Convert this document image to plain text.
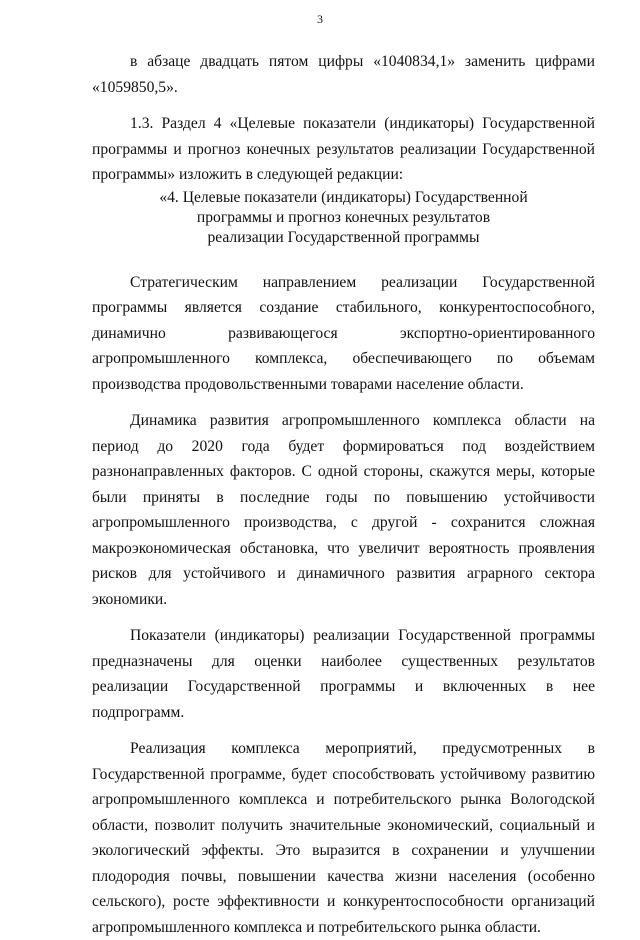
3

в абзаце двадцать пятом цифры «1040834,1» заменить цифрами

«1059850,5».

1.3. Раздел 4 «Целевые показатели (индикаторы) Государственной программы и прогноз конечных результатов реализации Государственной программы» изложить в следующей редакции:

«4. Целевые показатели (индикаторы) Государственной
программы и прогноз конечных результатов
реализации Государственной программы

Стратегическим направлением реализации Государственной

программы является создание стабильного, конкурентоспособного,

динамично развивающегося экспортно-ориентированного

агропромышленного комплекса, обеспечивающего по объемам производства продовольственными товарами население области.

Динамика развития агропромышленного комплекса области на период до 2020 года будет формироваться под воздействием разнонаправленных факторов. С одной стороны, скажутся меры, которые были приняты в последние годы по повышению устойчивости агропромышленного производства, с другой - сохранится сложная макроэкономическая обстановка, что увеличит вероятность проявления рисков для устойчивого и динамичного развития аграрного сектора экономики.

Показатели (индикаторы) реализации Государственной программы предназначены для оценки наиболее существенных результатов реализации Государственной программы и включенных в нее подпрограмм.

Реализация комплекса мероприятий, предусмотренных в

Государственной программе, будет способствовать устойчивому развитию агропромышленного комплекса и потребительского рынка Вологодской области, позволит получить значительные экономический, социальный и экологический эффекты. Это выразится в сохранении и улучшении плодородия почвы, повышении качества жизни населения (особенно сельского), росте эффективности и конкурентоспособности организаций агропромышленного комплекса и потребительского рынка области.
